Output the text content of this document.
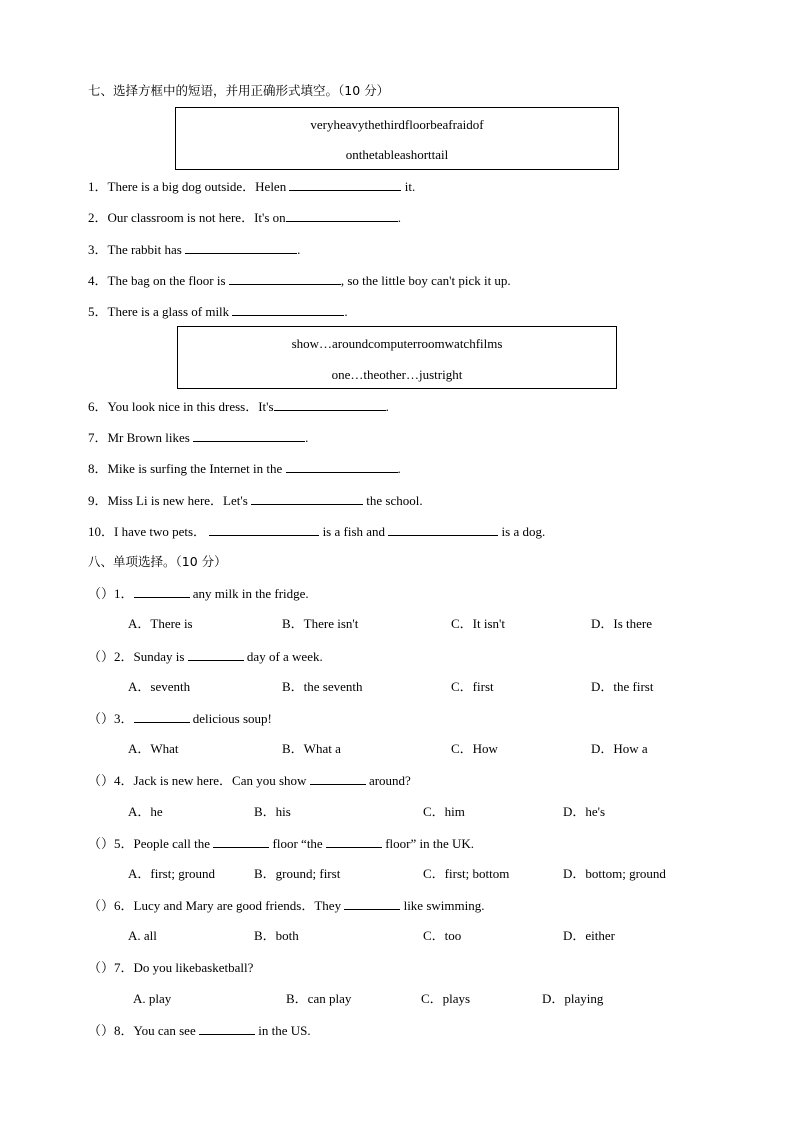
七、选择方框中的短语，并用正确形式填空。（10 分）
veryheavythethirdfloorbeafraidof
onthetableashorttail
1．There is a big dog outside．Helen	it.
2．Our classroom is not here．It's on	.
3．The rabbit has	.
4．The bag on the floor is	, so the little boy can't pick it up.
5．There is a glass of milk	.
show…aroundcomputerroomwatchfilms
one…theother…justright
6．You look nice in this dress．It's	.
7．Mr Brown likes	.
8．Mike is surfing the Internet in the	.
9．Miss Li is new here．Let's	the school.
10．I have two pets．	is a fish and	is a dog.
八、单项选择。（10 分）
（）1．	any milk in the fridge.
A．There is	B．There isn't	C．It isn't	D．Is there
（）2．Sunday is	day of a week.
A．seventh	B．the seventh	C．first	D．the first
（）3．	delicious soup!
A．What	B．What a	C．How	D．How a
（）4．Jack is new here．Can you show	around?
A．he	B．his	C．him	D．he's
（）5．People call the	floor “the	floor” in the UK.
A．first; ground	B．ground; first	C．first; bottom	D．bottom; ground
（）6．Lucy and Mary are good friends．They	like swimming.
A. all	B．both	C．too	D．either
（）7．Do you likebasketball?
A. play	B．can play	C．plays	D．playing
（）8．You can see	in the US.
